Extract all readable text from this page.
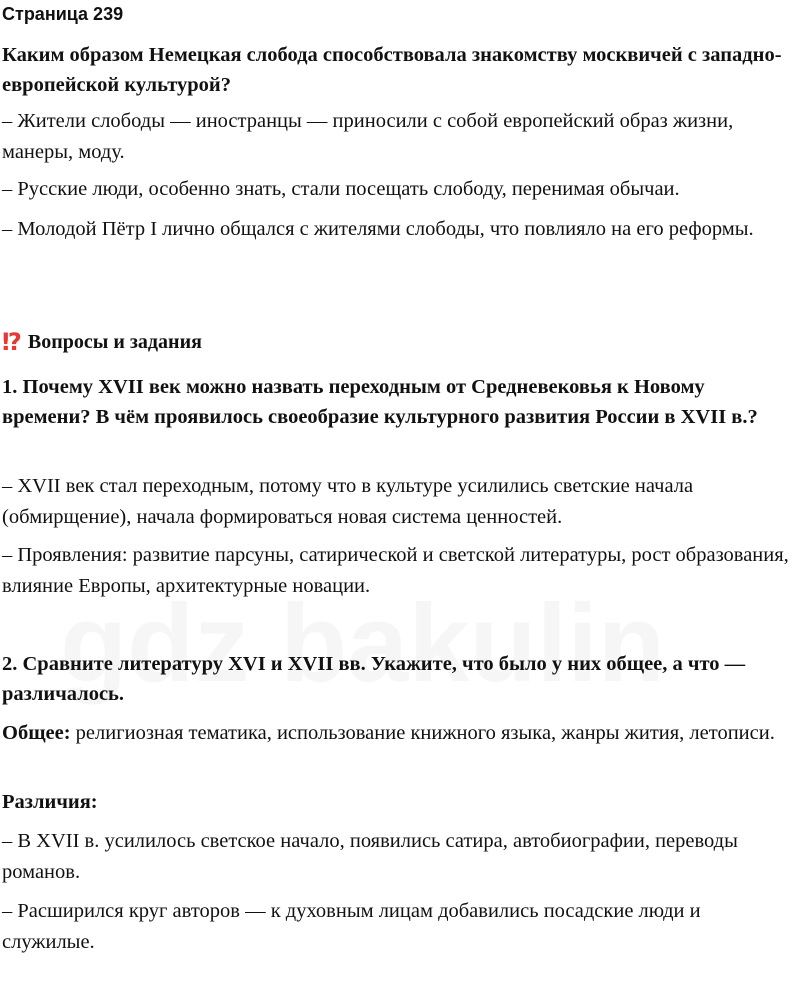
Страница 239
Каким образом Немецкая слобода способствовала знакомству москвичей с западно-европейской культурой?
– Жители слободы — иностранцы — приносили с собой европейский образ жизни, манеры, моду.
– Русские люди, особенно знать, стали посещать слободу, перенимая обычаи.
– Молодой Пётр I лично общался с жителями слободы, что повлияло на его реформы.
⁉ Вопросы и задания
1. Почему XVII век можно назвать переходным от Средневековья к Новому времени? В чём проявилось своеобразие культурного развития России в XVII в.?
– XVII век стал переходным, потому что в культуре усилились светские начала (обмирщение), начала формироваться новая система ценностей.
– Проявления: развитие парсуны, сатирической и светской литературы, рост образования, влияние Европы, архитектурные новации.
2. Сравните литературу XVI и XVII вв. Укажите, что было у них общее, а что — различалось.
Общее: религиозная тематика, использование книжного языка, жанры жития, летописи.
Различия:
– В XVII в. усилилось светское начало, появились сатира, автобиографии, переводы романов.
– Расширился круг авторов — к духовным лицам добавились посадские люди и служилые.
